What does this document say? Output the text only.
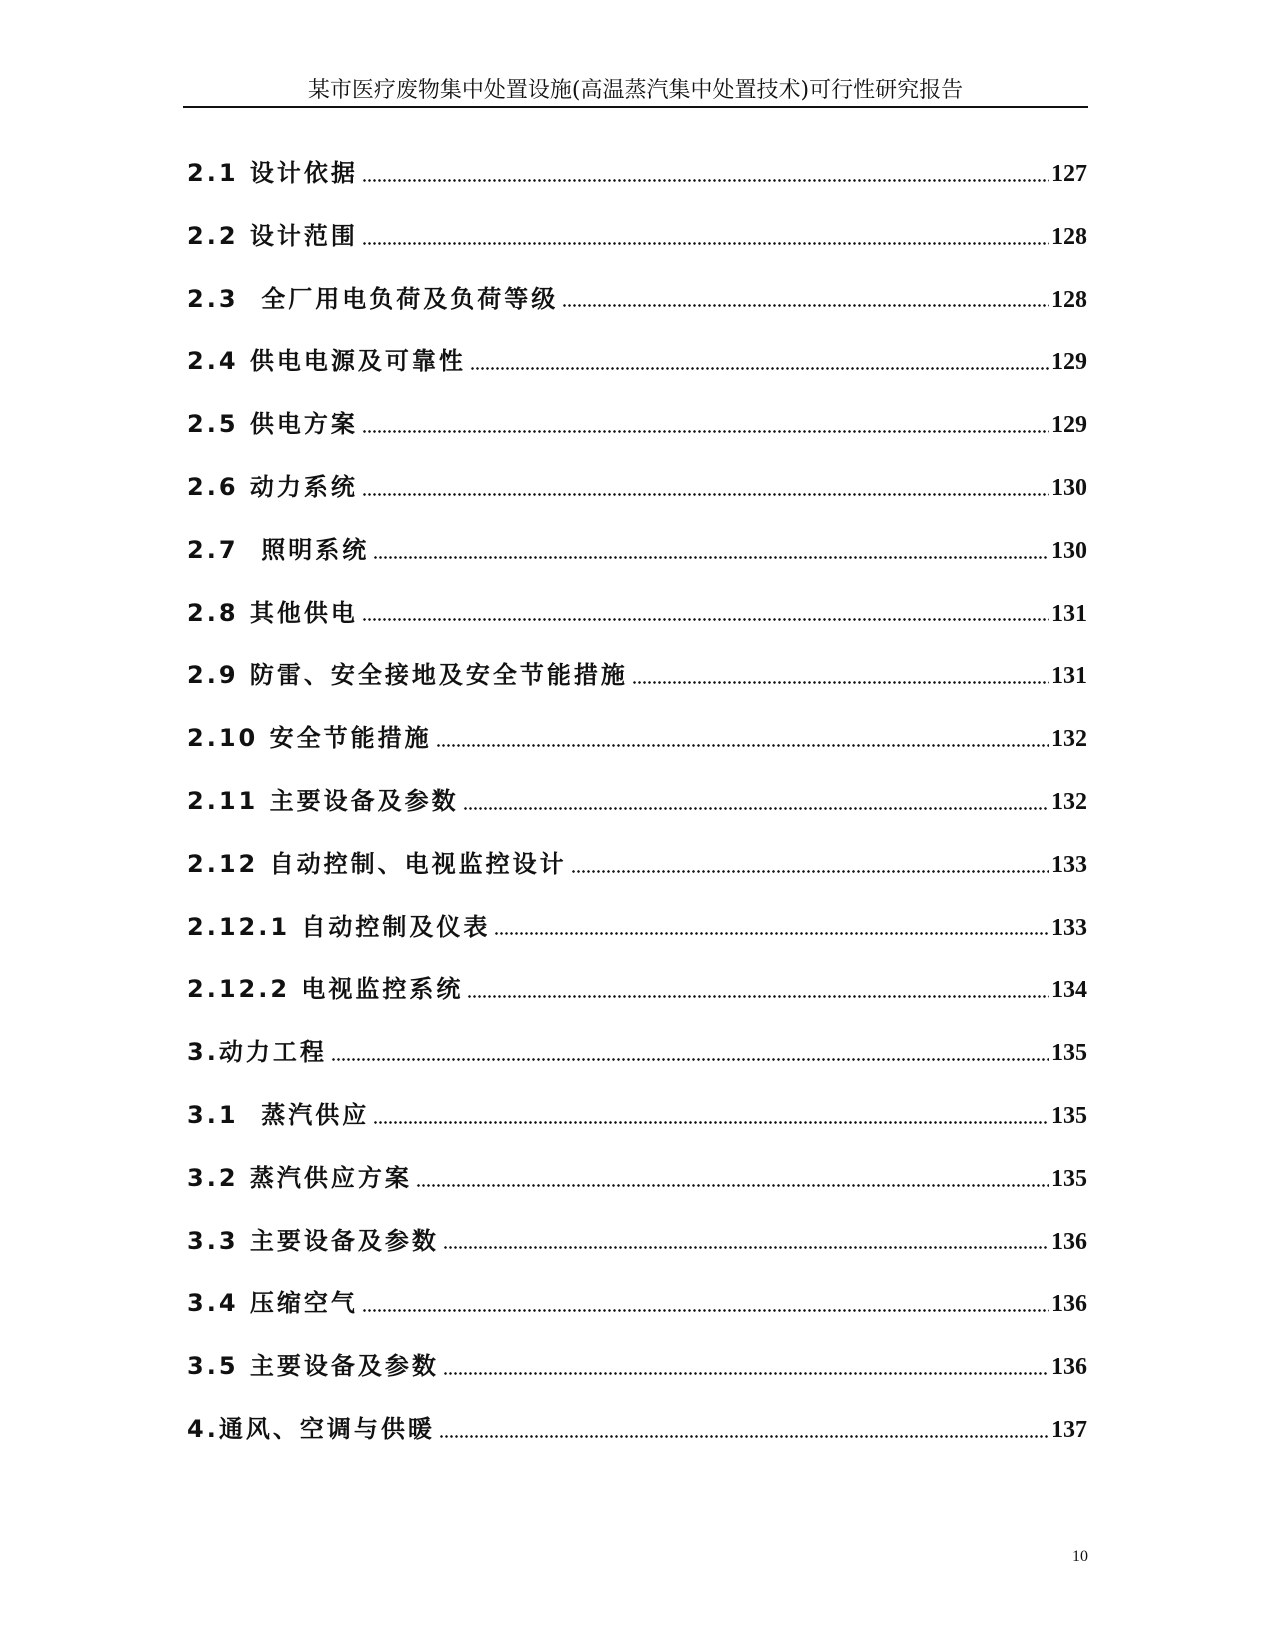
某市医疗废物集中处置设施(高温蒸汽集中处置技术)可行性研究报告
2.1 设计依据	127
2.2 设计范围	128
2.3  全厂用电负荷及负荷等级	128
2.4 供电电源及可靠性	129
2.5 供电方案	129
2.6 动力系统	130
2.7  照明系统	130
2.8 其他供电	131
2.9 防雷、安全接地及安全节能措施	131
2.10 安全节能措施	132
2.11 主要设备及参数	132
2.12 自动控制、电视监控设计	133
2.12.1 自动控制及仪表	133
2.12.2 电视监控系统	134
3.动力工程	135
3.1  蒸汽供应	135
3.2 蒸汽供应方案	135
3.3 主要设备及参数	136
3.4 压缩空气	136
3.5 主要设备及参数	136
4.通风、空调与供暖	137
10
